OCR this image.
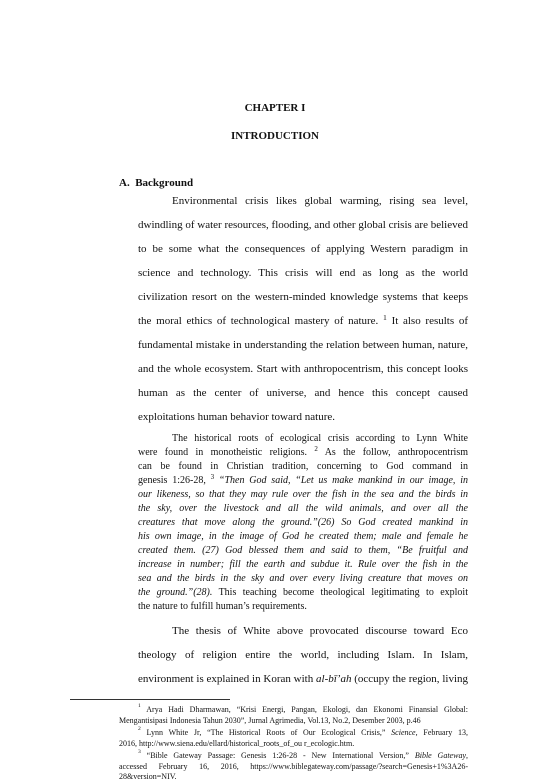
CHAPTER I
INTRODUCTION
A. Background
Environmental crisis likes global warming, rising sea level,
dwindling of water resources, flooding, and other global crisis are believed
to be some what the consequences of applying Western paradigm in
science and technology. This crisis will end as long as the world
civilization resort on the western-minded knowledge systems that keeps
the moral ethics of technological mastery of nature. $^1$ It also results of
fundamental mistake in understanding the relation between human, nature,
and the whole ecosystem. Start with anthropocentrism, this concept looks
human as the center of universe, and hence this concept caused
exploitations human behavior toward nature.
The historical roots of ecological crisis according to Lynn White
were found in monotheistic religions. $^2$ As the follow, anthropocentrism
can be found in Christian tradition, concerning to God command in
genesis 1:26-28, $^3$ “Then God said, “Let us make mankind in our image, in
our likeness, so that they may rule over the fish in the sea and the birds in
the sky, over the livestock and all the wild animals, and over all the
creatures that move along the ground.”(26) So God created mankind in
his own image, in the image of God he created them; male and female he
created them. (27) God blessed them and said to them, “Be fruitful and
increase in number; fill the earth and subdue it. Rule over the fish in the
sea and the birds in the sky and over every living creature that moves on
the ground.”(28). This teaching become theological legitimating to exploit
the nature to fulfill human’s requirements.
The thesis of White above provocated discourse toward Eco
theology of religion entire the world, including Islam. In Islam,
environment is explained in Koran with al-bī’ah (occupy the region, living
$^1$ Arya Hadi Dharmawan, “Krisi Energi, Pangan, Ekologi, dan Ekonomi Finansial Global:
Mengantisipasi Indonesia Tahun 2030”, Jurnal Agrimedia, Vol.13, No.2, Desember 2003, p.46
$^2$ Lynn White Jr, “The Historical Roots of Our Ecological Crisis,” Science, February 13,
2016, http://www.siena.edu/ellard/historical_roots_of_ou r_ecologic.htm.
$^3$ “Bible Gateway Passage: Genesis 1:26-28 - New International Version,” Bible Gateway,
accessed February 16, 2016, https://www.biblegateway.com/passage/?search=Genesis+1%3A26-
28&version=NIV.
